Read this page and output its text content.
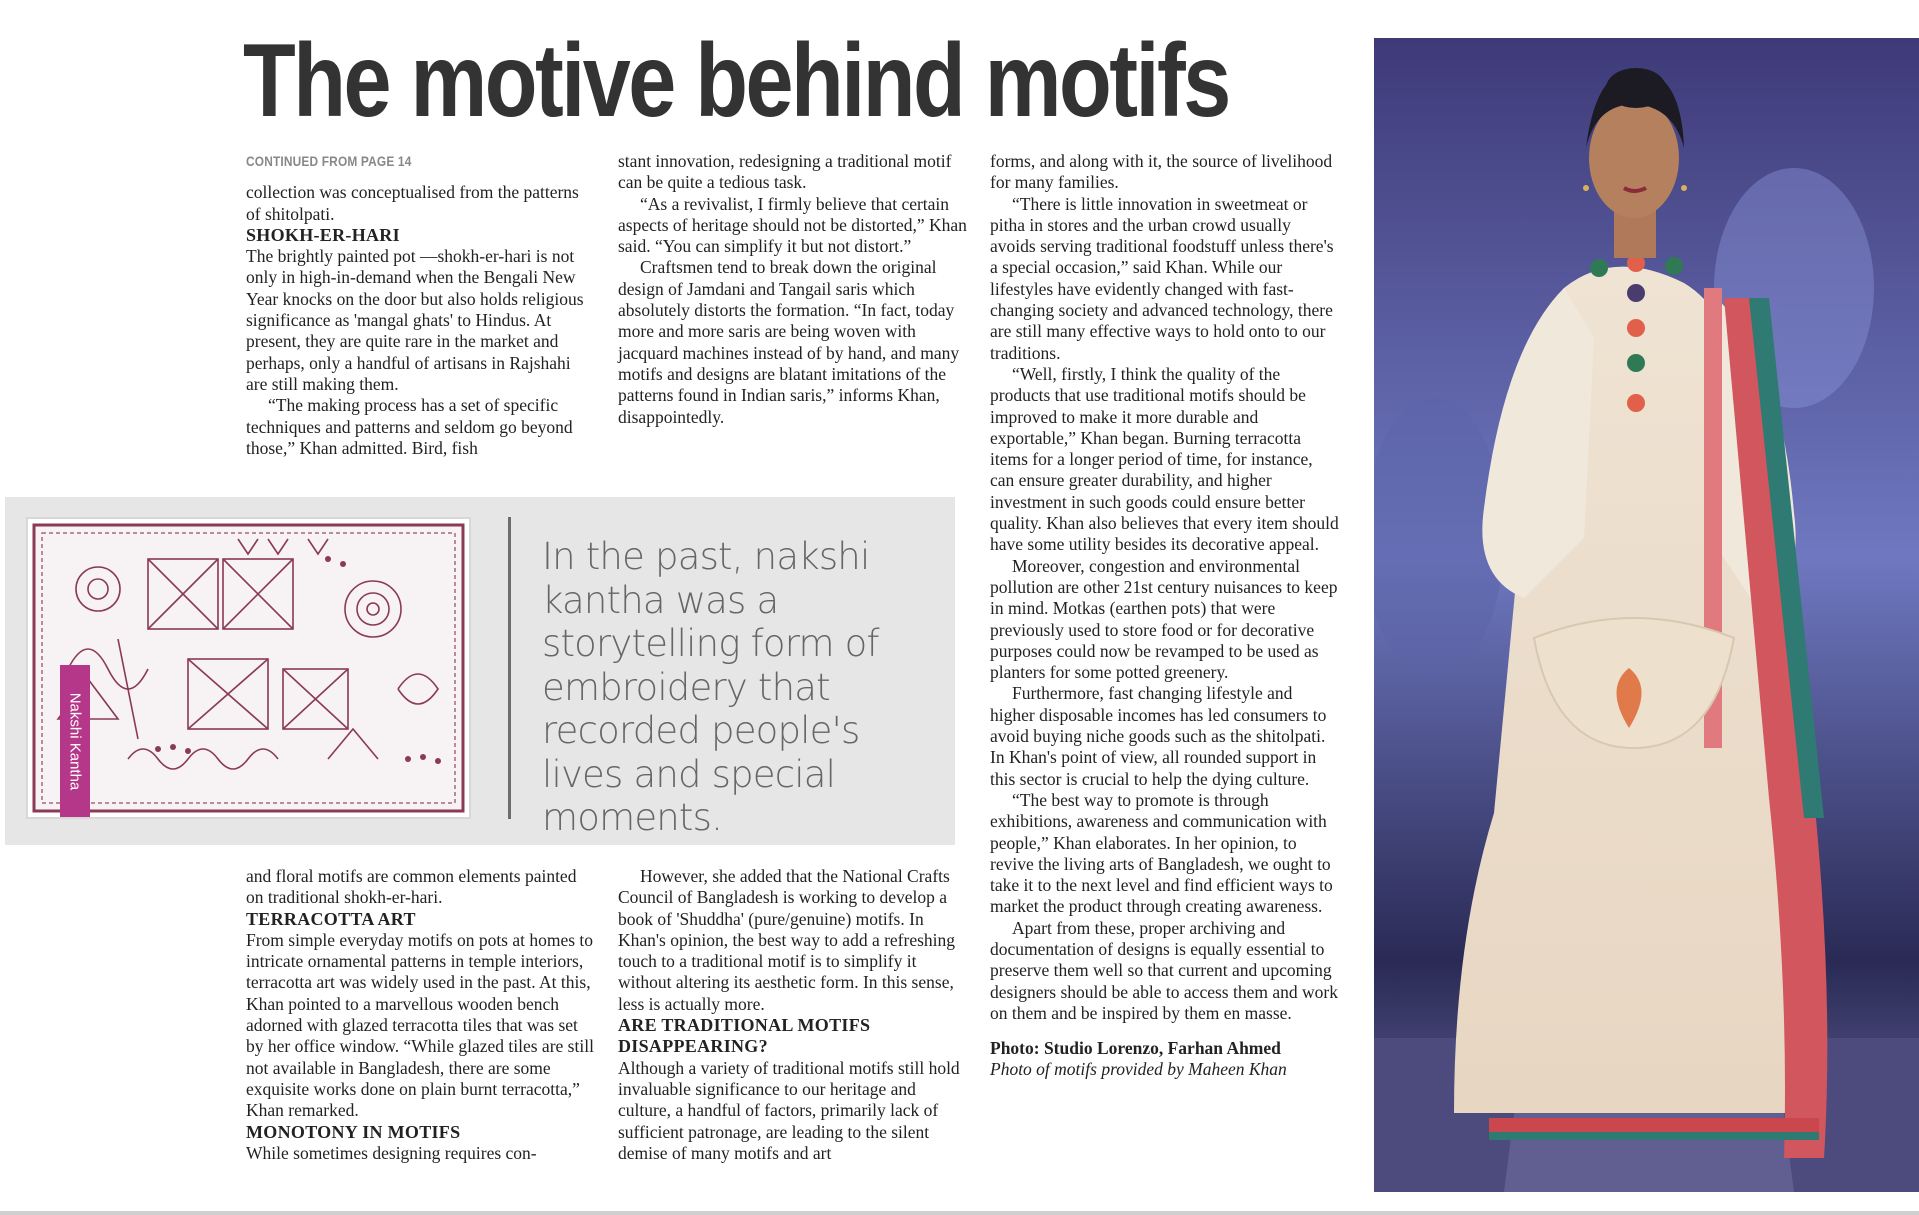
The motive behind motifs
CONTINUED FROM PAGE 14

collection was conceptualised from the patterns of shitolpati.

SHOKH-ER-HARI

The brightly painted pot —shokh-er-hari is not only in high-in-demand when the Bengali New Year knocks on the door but also holds religious significance as 'mangal ghats' to Hindus. At present, they are quite rare in the market and perhaps, only a handful of artisans in Rajshahi are still making them.

“The making process has a set of specific techniques and patterns and seldom go beyond those,” Khan admitted. Bird, fish

stant innovation, redesigning a traditional motif can be quite a tedious task.

“As a revivalist, I firmly believe that certain aspects of heritage should not be distorted,” Khan said. “You can simplify it but not distort.”

Craftsmen tend to break down the original design of Jamdani and Tangail saris which absolutely distorts the formation. “In fact, today more and more saris are being woven with jacquard machines instead of by hand, and many motifs and designs are blatant imitations of the patterns found in Indian saris,” informs Khan, disappointedly.

Nakshi Kantha
In the past, nakshi kantha was a storytelling form of embroidery that recorded people's lives and special moments.

and floral motifs are common elements painted on traditional shokh-er-hari.

TERRACOTTA ART

From simple everyday motifs on pots at homes to intricate ornamental patterns in temple interiors, terracotta art was widely used in the past. At this, Khan pointed to a marvellous wooden bench adorned with glazed terracotta tiles that was set by her office window. “While glazed tiles are still not available in Bangladesh, there are some exquisite works done on plain burnt terracotta,” Khan remarked.

MONOTONY IN MOTIFS

While sometimes designing requires con-

However, she added that the National Crafts Council of Bangladesh is working to develop a book of 'Shuddha' (pure/genuine) motifs. In Khan's opinion, the best way to add a refreshing touch to a traditional motif is to simplify it without altering its aesthetic form. In this sense, less is actually more.

ARE TRADITIONAL MOTIFS DISAPPEARING?

Although a variety of traditional motifs still hold invaluable significance to our heritage and culture, a handful of factors, primarily lack of sufficient patronage, are leading to the silent demise of many motifs and art

forms, and along with it, the source of livelihood for many families.

“There is little innovation in sweetmeat or pitha in stores and the urban crowd usually avoids serving traditional foodstuff unless there's a special occasion,” said Khan. While our lifestyles have evidently changed with fast-changing society and advanced technology, there are still many effective ways to hold onto to our traditions.

“Well, firstly, I think the quality of the products that use traditional motifs should be improved to make it more durable and exportable,” Khan began. Burning terracotta items for a longer period of time, for instance, can ensure greater durability, and higher investment in such goods could ensure better quality. Khan also believes that every item should have some utility besides its decorative appeal.

Moreover, congestion and environmental pollution are other 21st century nuisances to keep in mind. Motkas (earthen pots) that were previously used to store food or for decorative purposes could now be revamped to be used as planters for some potted greenery.

Furthermore, fast changing lifestyle and higher disposable incomes has led consumers to avoid buying niche goods such as the shitolpati. In Khan's point of view, all rounded support in this sector is crucial to help the dying culture.

“The best way to promote is through exhibitions, awareness and communication with people,” Khan elaborates. In her opinion, to revive the living arts of Bangladesh, we ought to take it to the next level and find efficient ways to market the product through creating awareness.

Apart from these, proper archiving and documentation of designs is equally essential to preserve them well so that current and upcoming designers should be able to access them and work on them and be inspired by them en masse.

Photo: Studio Lorenzo, Farhan Ahmed
Photo of motifs provided by Maheen Khan
